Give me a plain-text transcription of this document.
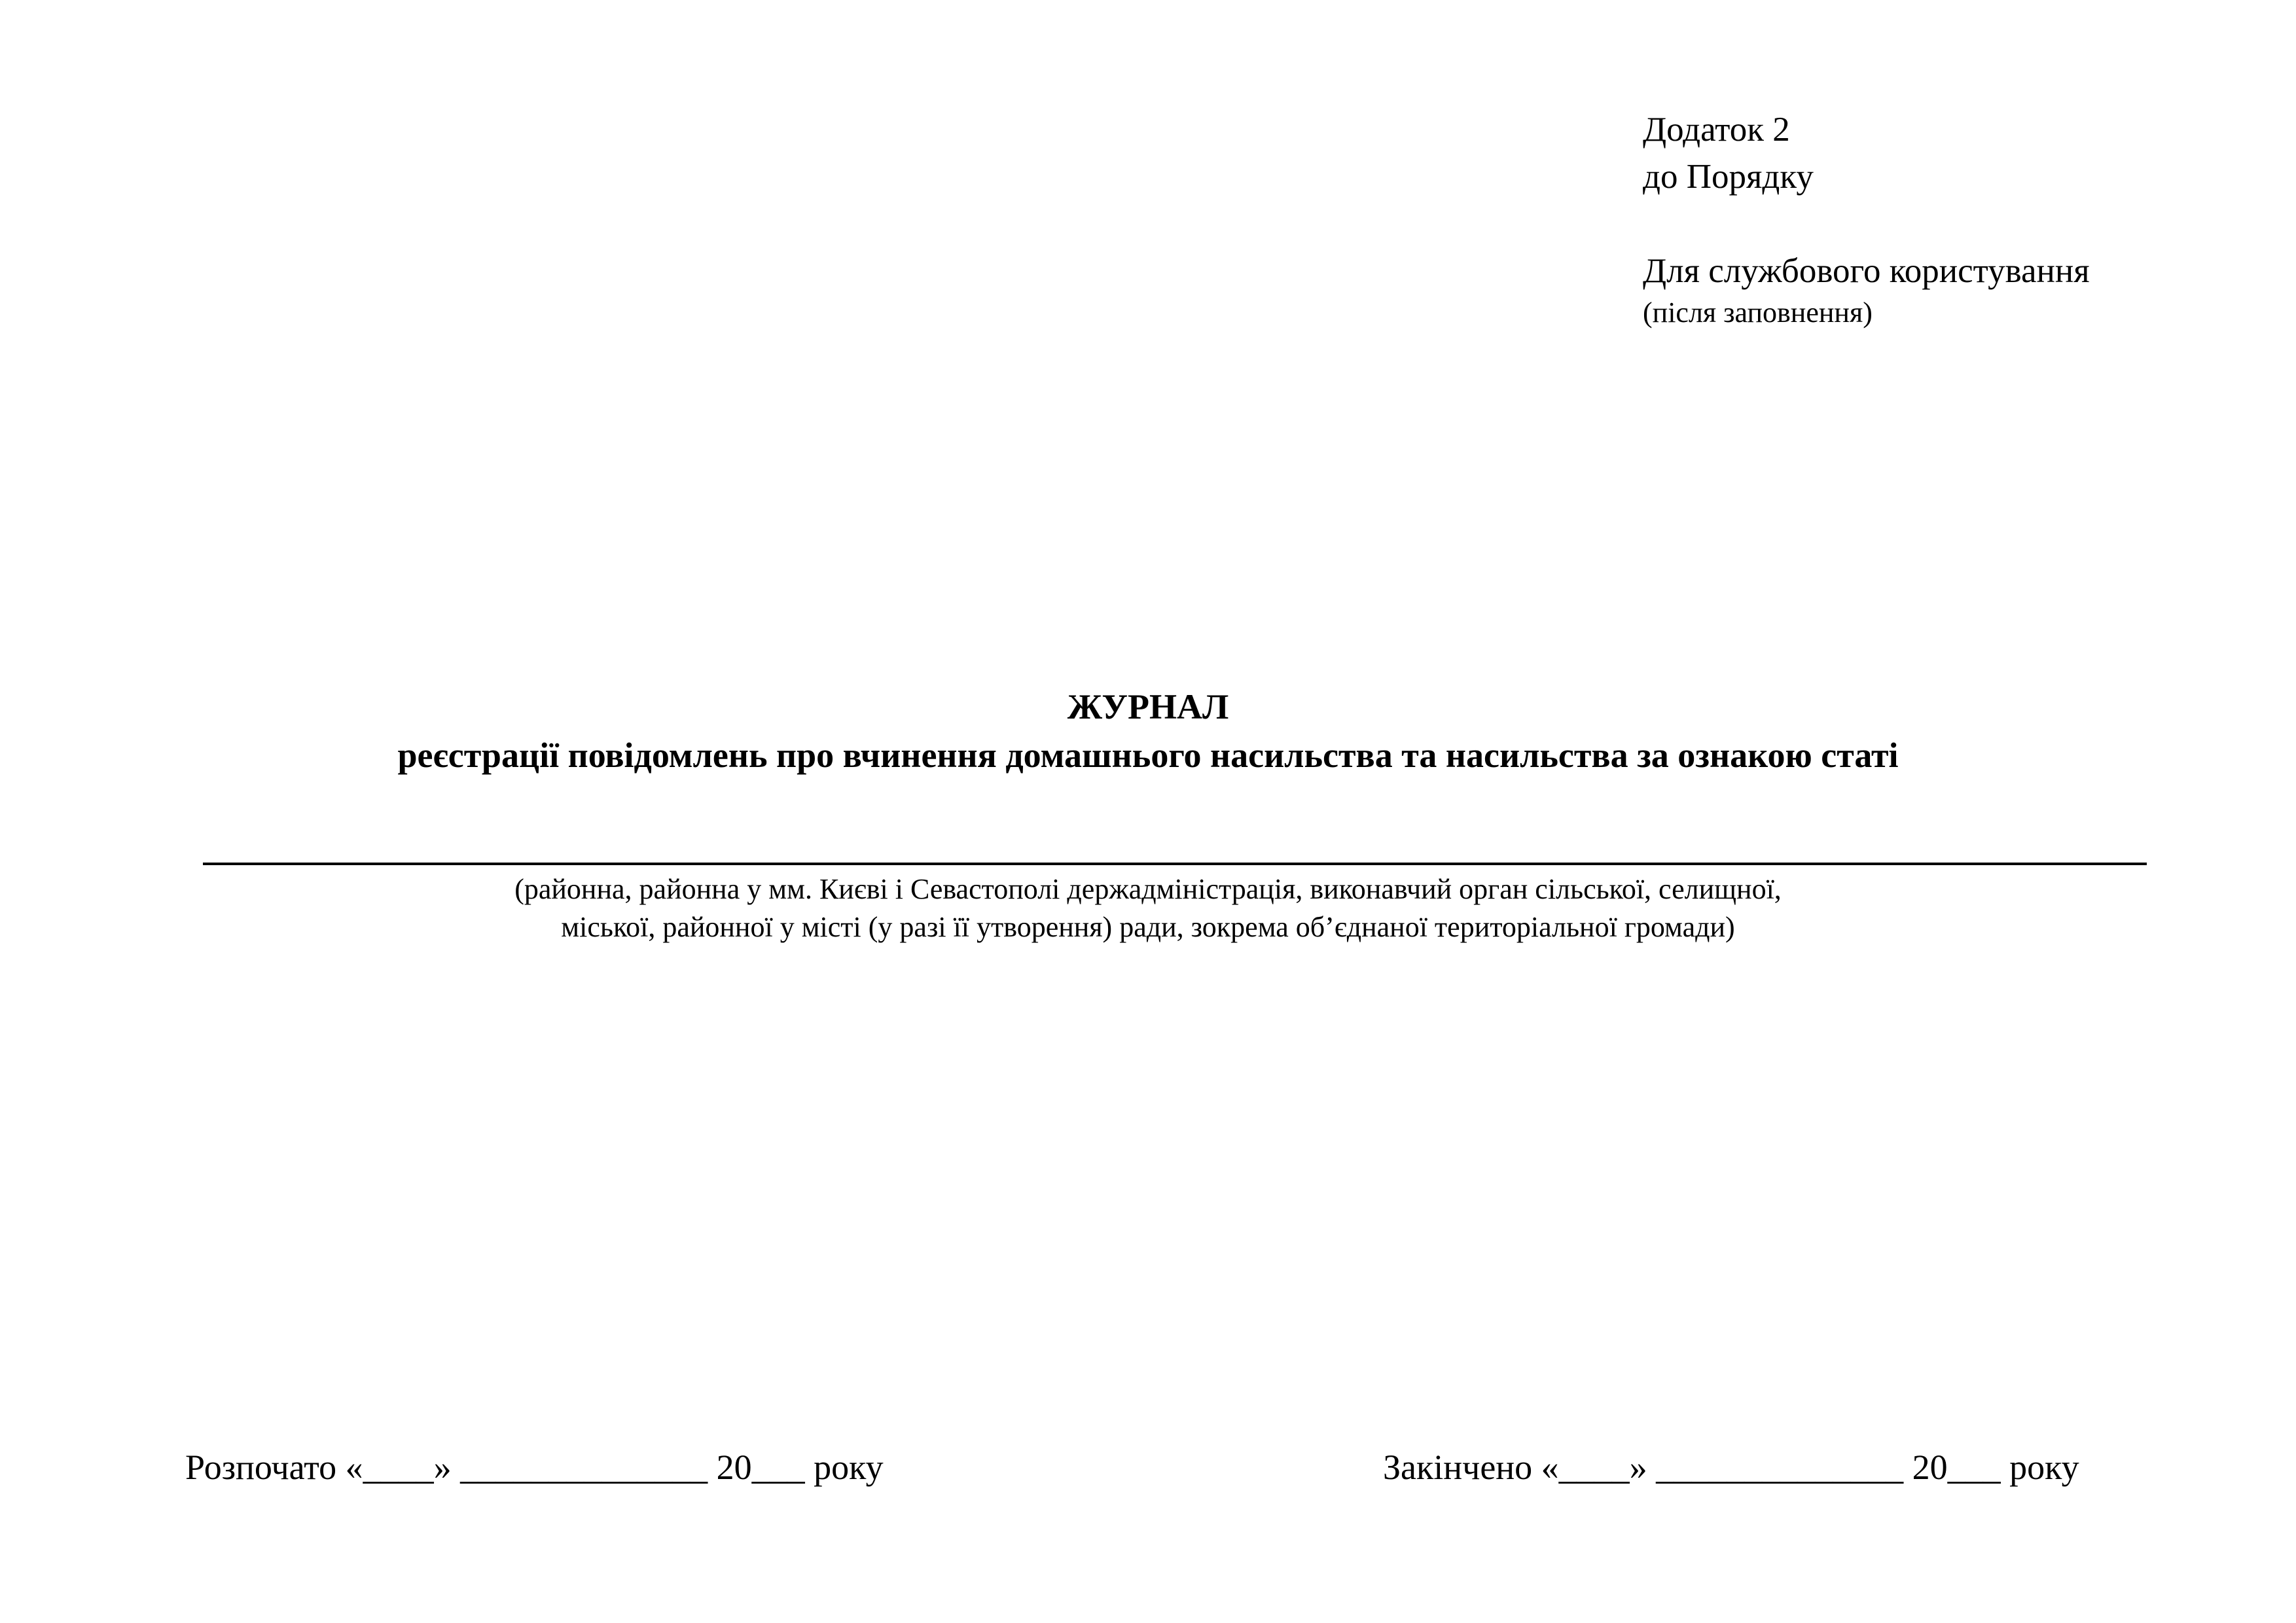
Додаток 2
до Порядку
Для службового користування
(після заповнення)
ЖУРНАЛ
реєстрації повідомлень про вчинення домашнього насильства та насильства за ознакою статі
(районна, районна у мм. Києві і Севастополі держадміністрація, виконавчий орган сільської, селищної,
міської, районної у місті (у разі її утворення) ради, зокрема об’єднаної територіальної громади)
Розпочато «____» ______________ 20___ року	Закінчено «____» ______________ 20___ року
